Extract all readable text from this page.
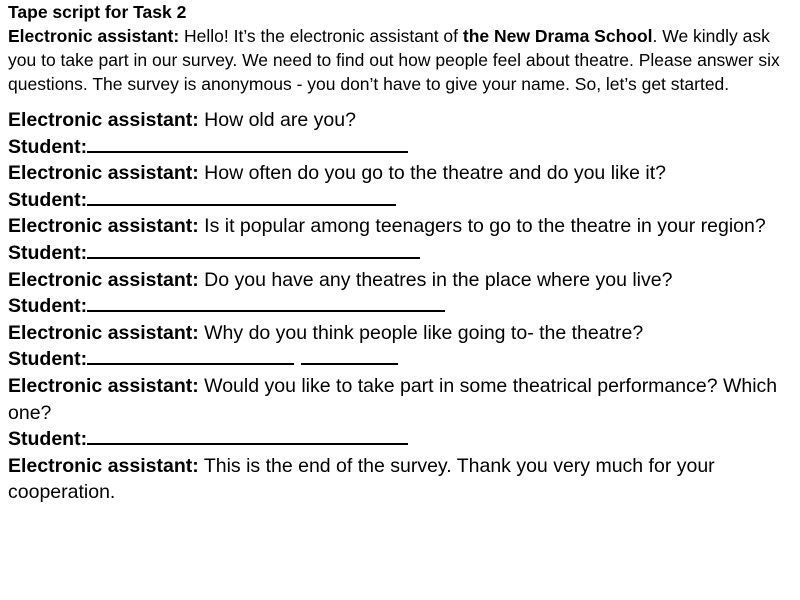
Tape script for Task 2
Electronic assistant: Hello! It’s the electronic assistant of the New Drama School. We kindly ask you to take part in our survey. We need to find out how people feel about theatre. Please answer six questions. The survey is anonymous - you don’t have to give your name. So, let’s get started.

Electronic assistant: How old are you?
Student:
Electronic assistant: How often do you go to the theatre and do you like it?
Student:
Electronic assistant: Is it popular among teenagers to go to the theatre in your region?
Student:
Electronic assistant: Do you have any theatres in the place where you live?
Student:
Electronic assistant: Why do you think people like going to- the theatre?
Student:
Electronic assistant: Would you like to take part in some theatrical performance? Which one?
Student:
Electronic assistant: This is the end of the survey. Thank you very much for your cooperation.
